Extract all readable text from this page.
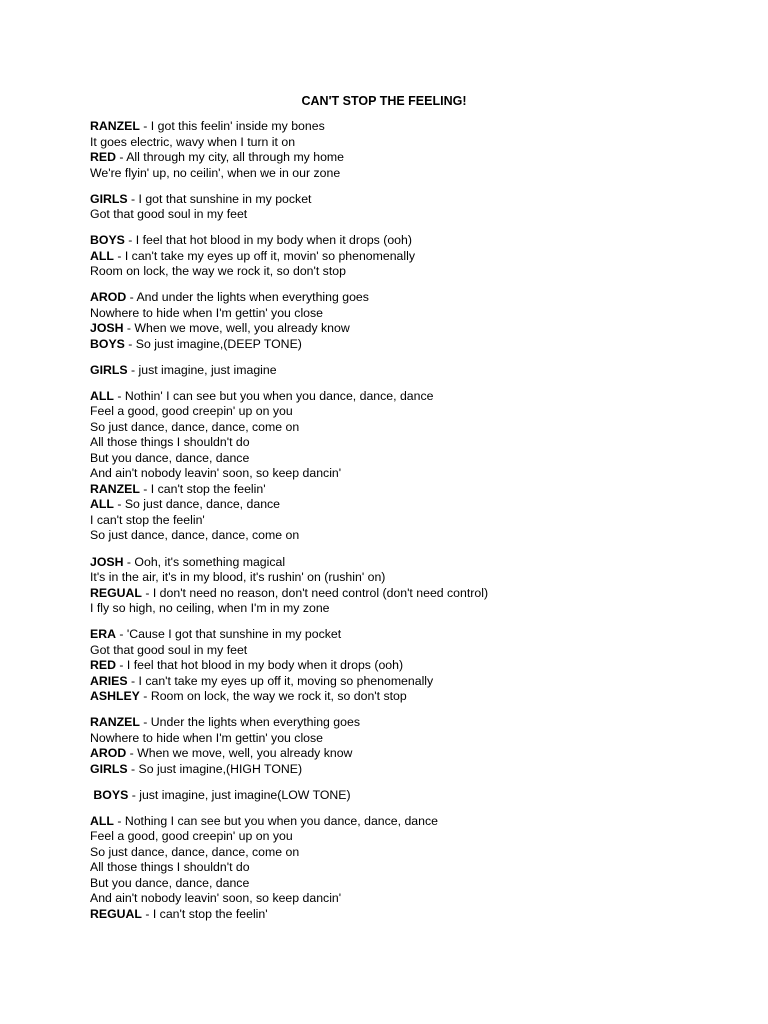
CAN'T STOP THE FEELING!
RANZEL - I got this feelin' inside my bones
It goes electric, wavy when I turn it on
RED - All through my city, all through my home
We're flyin' up, no ceilin', when we in our zone
GIRLS - I got that sunshine in my pocket
Got that good soul in my feet
BOYS - I feel that hot blood in my body when it drops (ooh)
ALL - I can't take my eyes up off it, movin' so phenomenally
Room on lock, the way we rock it, so don't stop
AROD - And under the lights when everything goes
Nowhere to hide when I'm gettin' you close
JOSH - When we move, well, you already know
BOYS - So just imagine,(DEEP TONE)
GIRLS - just imagine, just imagine
ALL - Nothin' I can see but you when you dance, dance, dance
Feel a good, good creepin' up on you
So just dance, dance, dance, come on
All those things I shouldn't do
But you dance, dance, dance
And ain't nobody leavin' soon, so keep dancin'
RANZEL - I can't stop the feelin'
ALL - So just dance, dance, dance
I can't stop the feelin'
So just dance, dance, dance, come on
JOSH - Ooh, it's something magical
It's in the air, it's in my blood, it's rushin' on (rushin' on)
REGUAL - I don't need no reason, don't need control (don't need control)
I fly so high, no ceiling, when I'm in my zone
ERA - 'Cause I got that sunshine in my pocket
Got that good soul in my feet
RED - I feel that hot blood in my body when it drops (ooh)
ARIES - I can't take my eyes up off it, moving so phenomenally
ASHLEY - Room on lock, the way we rock it, so don't stop
RANZEL - Under the lights when everything goes
Nowhere to hide when I'm gettin' you close
AROD - When we move, well, you already know
GIRLS - So just imagine,(HIGH TONE)
BOYS - just imagine, just imagine(LOW TONE)
ALL - Nothing I can see but you when you dance, dance, dance
Feel a good, good creepin' up on you
So just dance, dance, dance, come on
All those things I shouldn't do
But you dance, dance, dance
And ain't nobody leavin' soon, so keep dancin'
REGUAL - I can't stop the feelin'
